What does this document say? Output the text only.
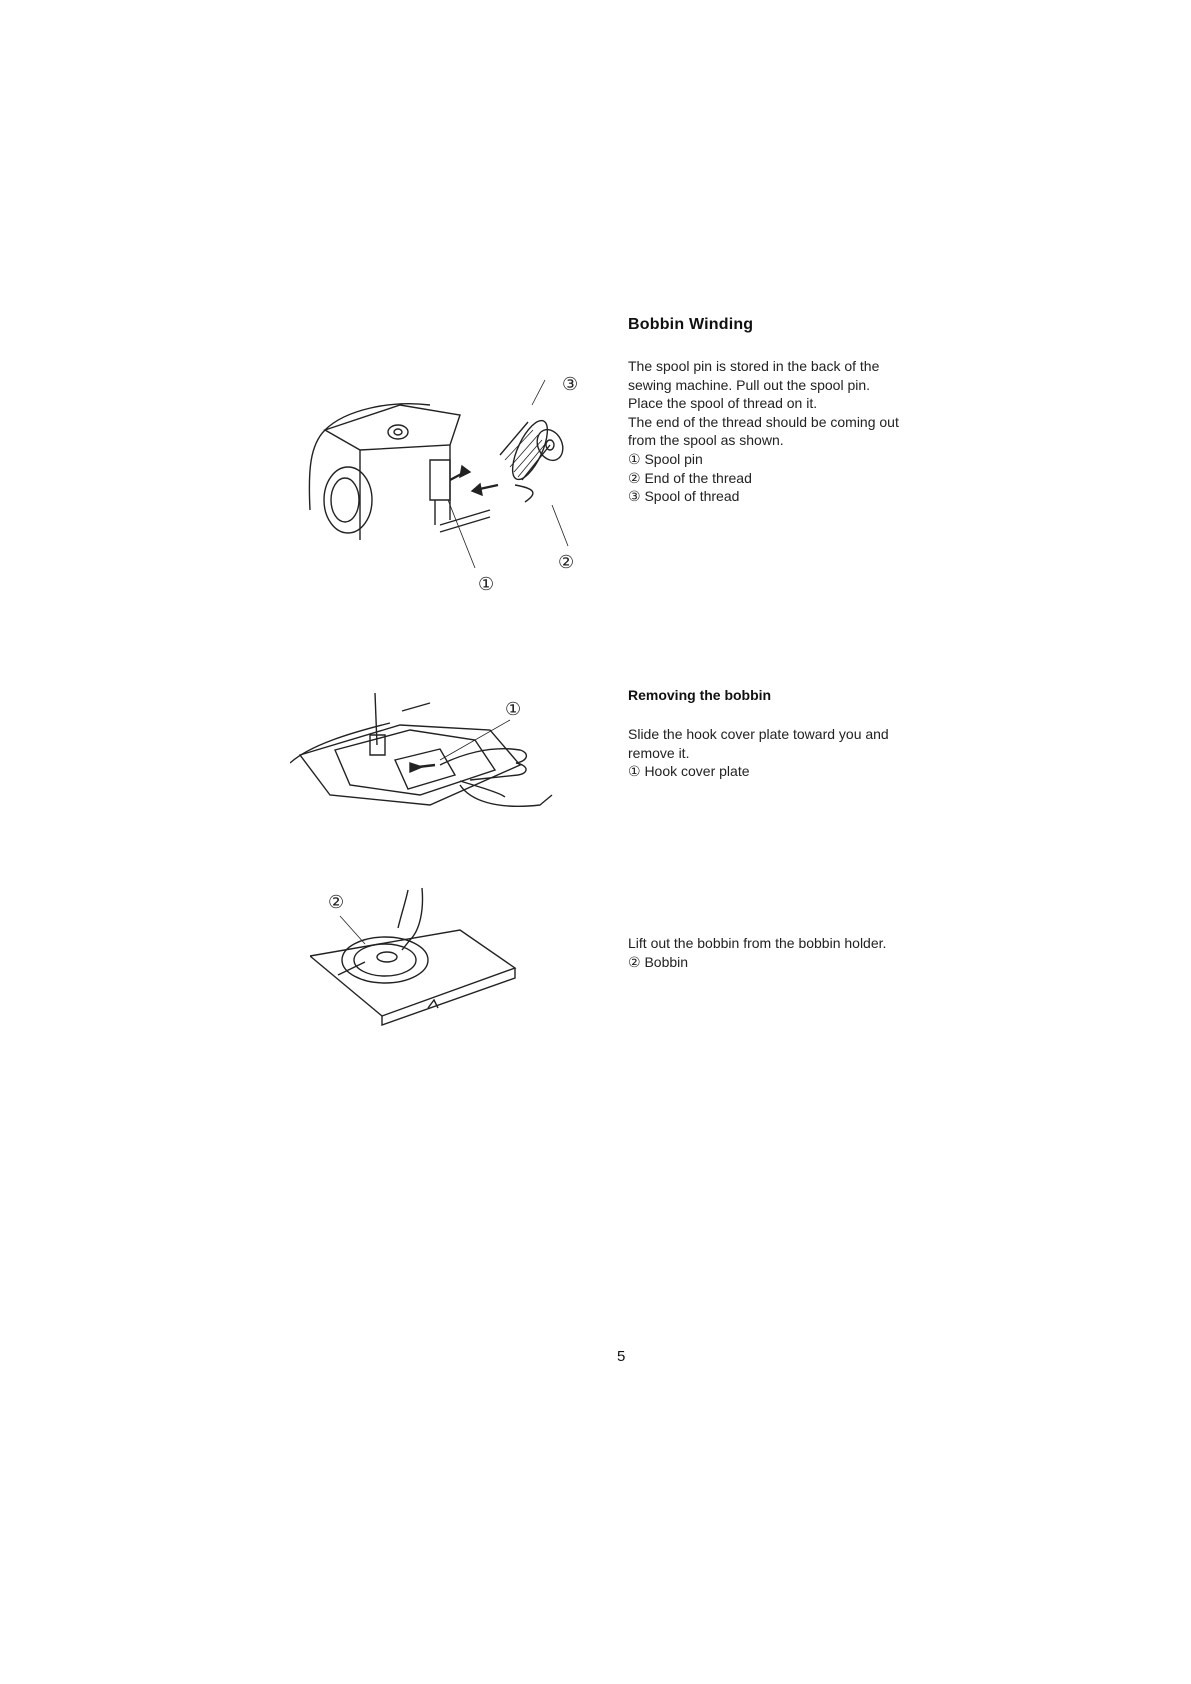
③
②
①
Bobbin Winding
The spool pin is stored in the back of the
sewing machine. Pull out the spool pin.
Place the spool of thread on it.
The end of the thread should be coming out
from the spool as shown.
① Spool pin
② End of the thread
③ Spool of thread
①
Removing the bobbin
Slide the hook cover plate toward you and
remove it.
① Hook cover plate
②
Lift out the bobbin from the bobbin holder.
② Bobbin
5
